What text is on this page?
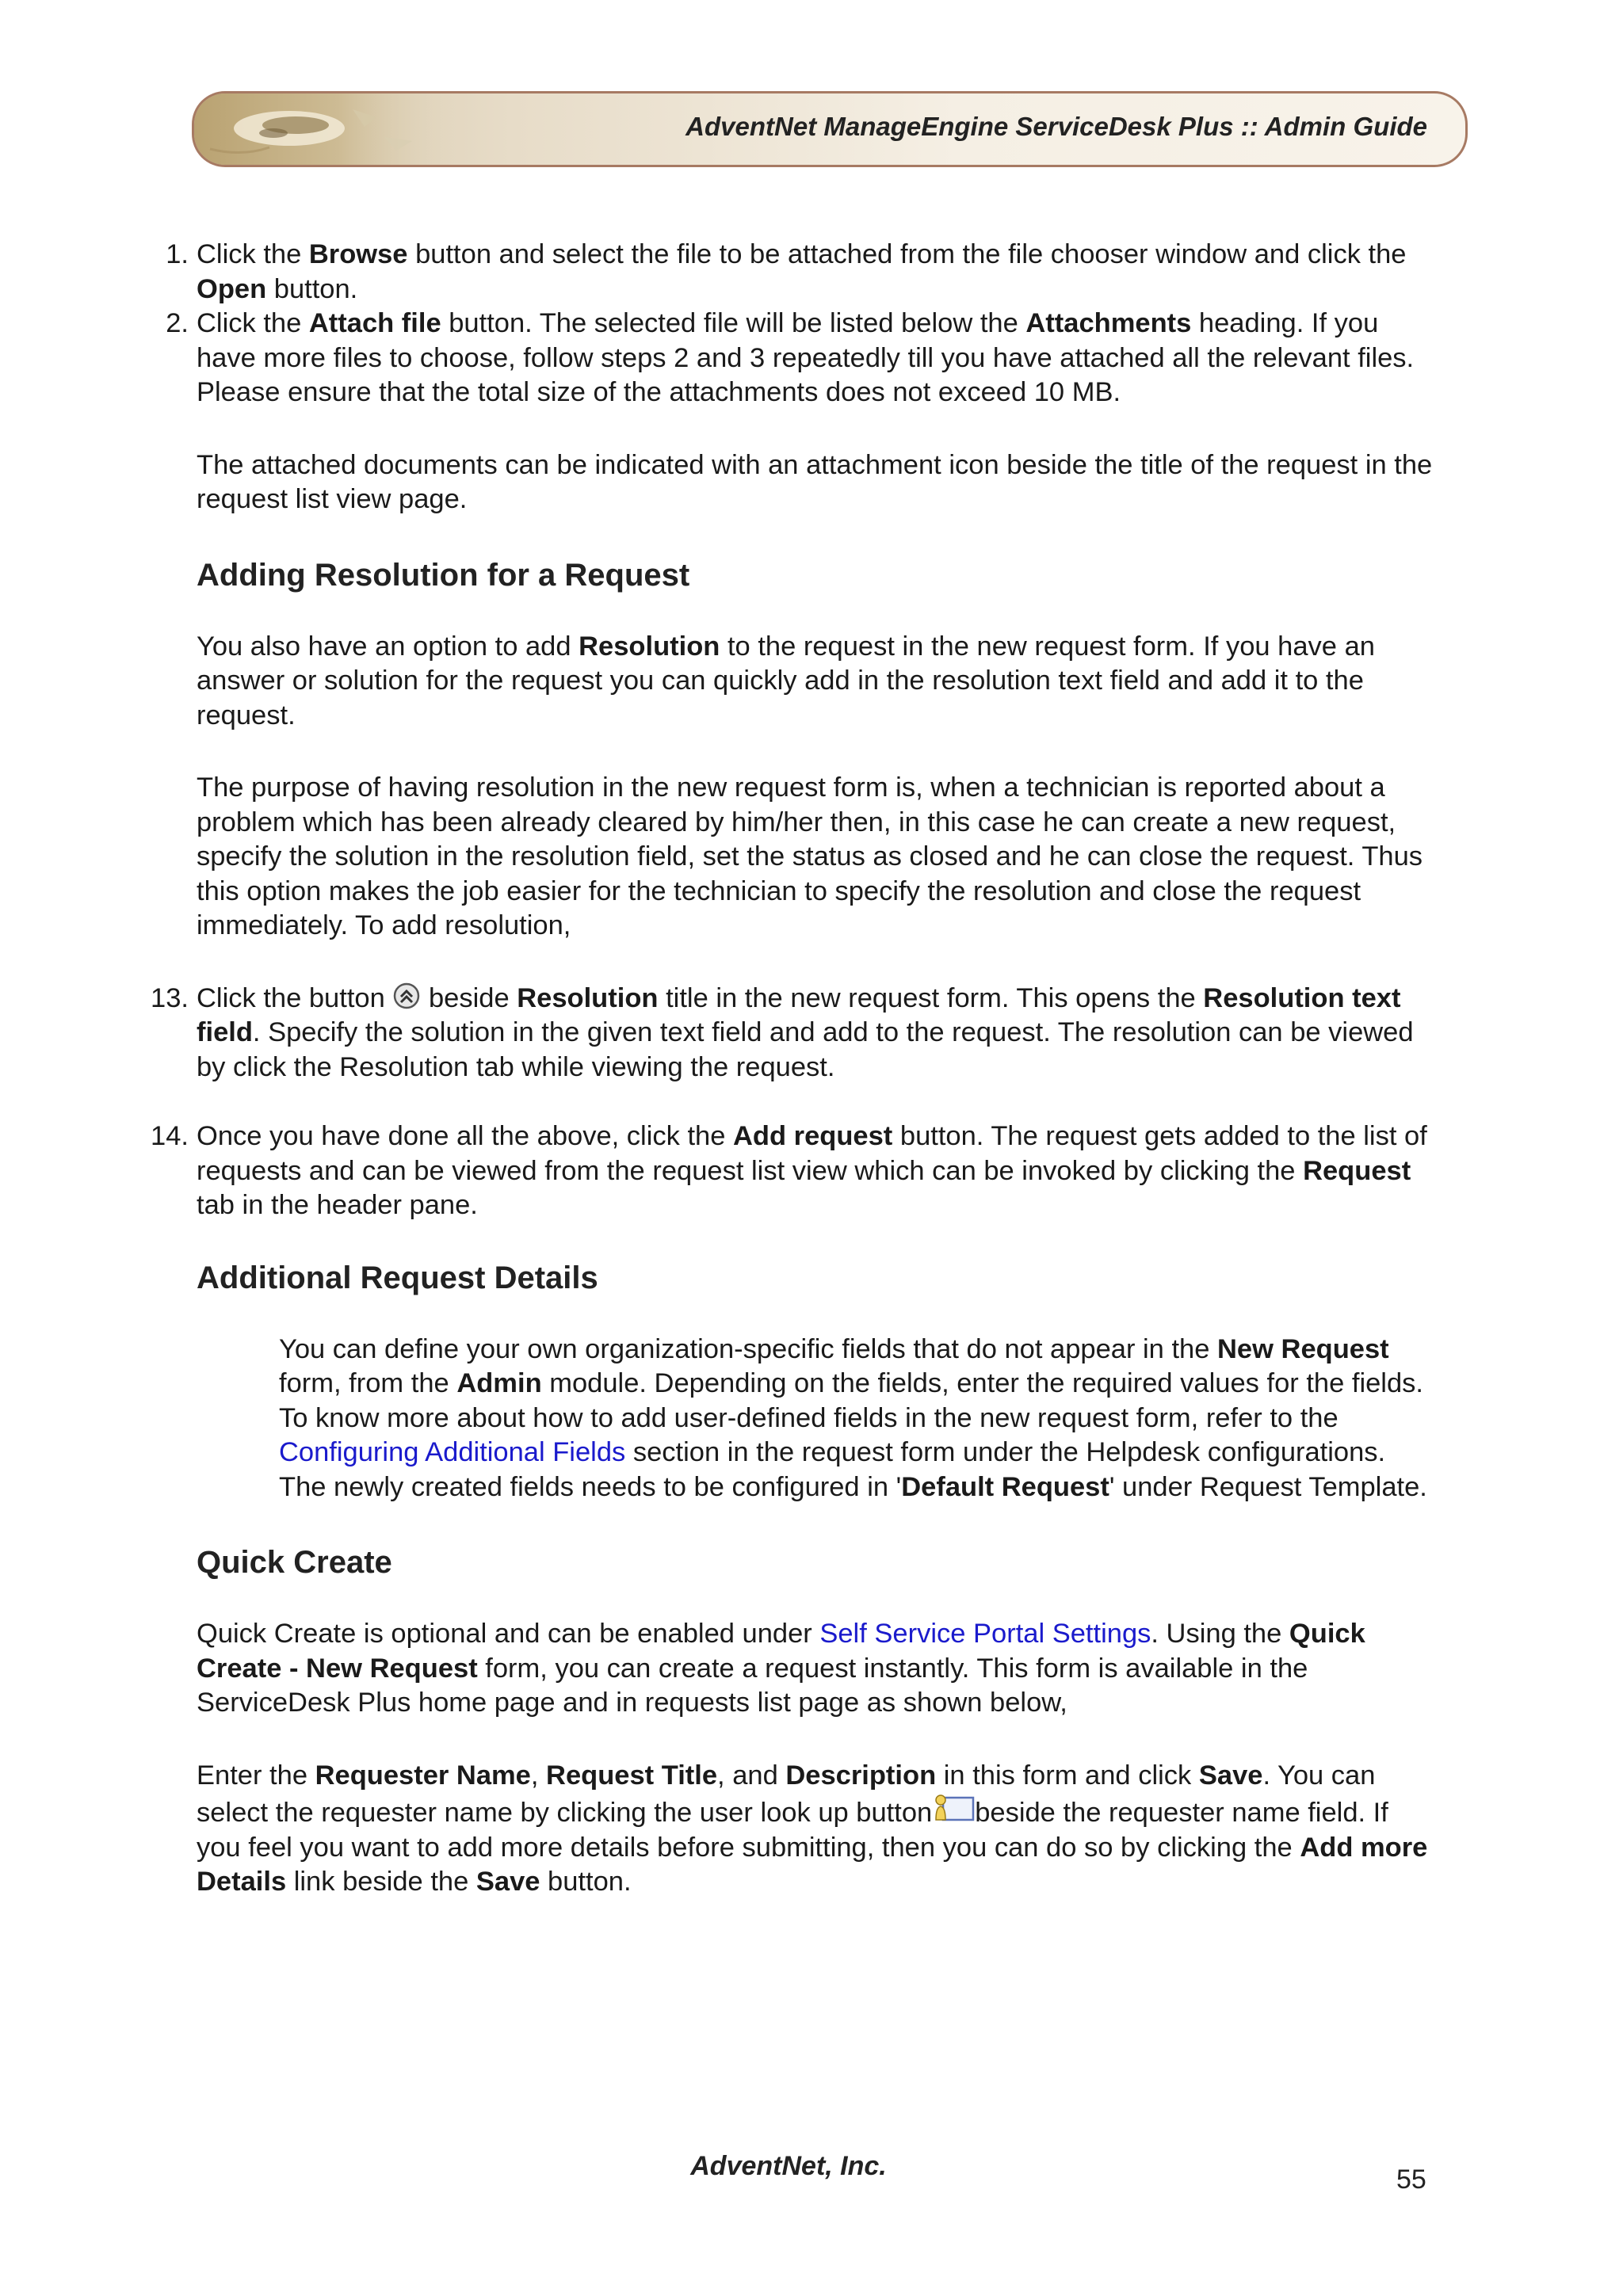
AdventNet ManageEngine ServiceDesk Plus :: Admin Guide
1. Click the Browse button and select the file to be attached from the file chooser window and click the Open button.
2. Click the Attach file button. The selected file will be listed below the Attachments heading. If you have more files to choose, follow steps 2 and 3 repeatedly till you have attached all the relevant files. Please ensure that the total size of the attachments does not exceed 10 MB.

The attached documents can be indicated with an attachment icon beside the title of the request in the request list view page.

Adding Resolution for a Request

You also have an option to add Resolution to the request in the new request form. If you have an answer or solution for the request you can quickly add in the resolution text field and add it to the request.

The purpose of having resolution in the new request form is, when a technician is reported about a problem which has been already cleared by him/her then, in this case he can create a new request, specify the solution in the resolution field, set the status as closed and he can close the request. Thus this option makes the job easier for the technician to specify the resolution and close the request immediately. To add resolution,

13. Click the button  beside Resolution title in the new request form. This opens the Resolution text field. Specify the solution in the given text field and add to the request. The resolution can be viewed by click the Resolution tab while viewing the request.
14. Once you have done all the above, click the Add request button. The request gets added to the list of requests and can be viewed from the request list view which can be invoked by clicking the Request tab in the header pane.
Additional Request Details

You can define your own organization-specific fields that do not appear in the New Request form, from the Admin module. Depending on the fields, enter the required values for the fields. To know more about how to add user-defined fields in the new request form, refer to the Configuring Additional Fields section in the request form under the Helpdesk configurations. The newly created fields needs to be configured in 'Default Request' under Request Template.

Quick Create

Quick Create is optional and can be enabled under Self Service Portal Settings. Using the Quick Create - New Request form, you can create a request instantly. This form is available in the ServiceDesk Plus home page and in requests list page as shown below,

Enter the Requester Name, Request Title, and Description in this form and click Save. You can select the requester name by clicking the user look up button beside the requester name field. If you feel you want to add more details before submitting, then you can do so by clicking the Add more Details link beside the Save button.

AdventNet, Inc.	55
